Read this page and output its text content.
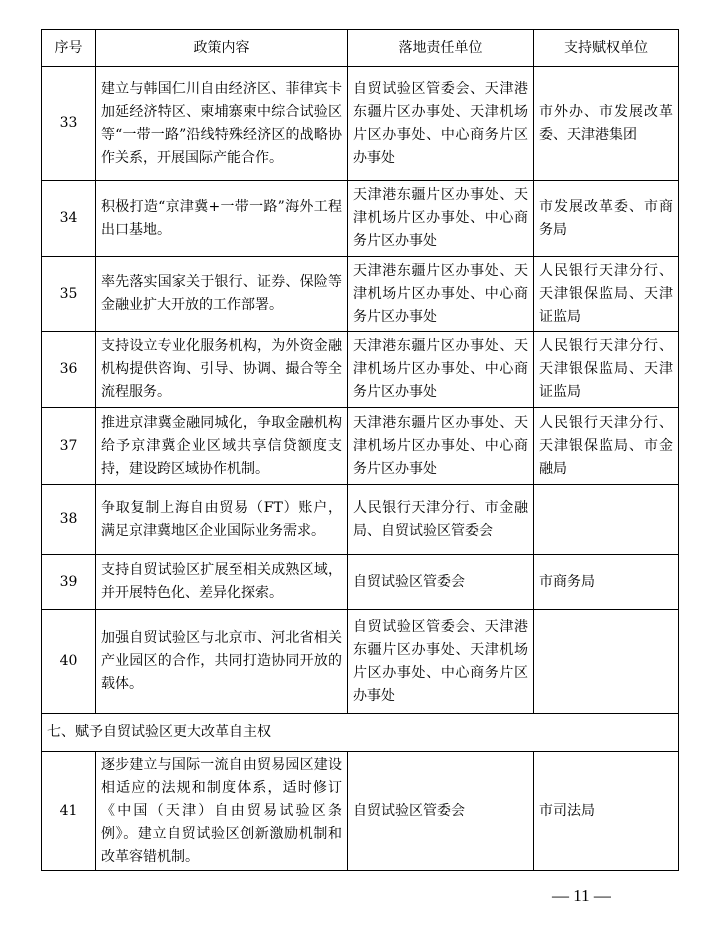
序号	政策内容	落地责任单位	支持赋权单位
33	建立与韩国仁川自由经济区、菲律宾卡加延经济特区、柬埔寨柬中综合试验区等“一带一路”沿线特殊经济区的战略协作关系，开展国际产能合作。	自贸试验区管委会、天津港东疆片区办事处、天津机场片区办事处、中心商务片区办事处	市外办、市发展改革委、天津港集团
34	积极打造“京津冀+一带一路”海外工程出口基地。	天津港东疆片区办事处、天津机场片区办事处、中心商务片区办事处	市发展改革委、市商务局
35	率先落实国家关于银行、证券、保险等金融业扩大开放的工作部署。	天津港东疆片区办事处、天津机场片区办事处、中心商务片区办事处	人民银行天津分行、天津银保监局、天津证监局
36	支持设立专业化服务机构，为外资金融机构提供咨询、引导、协调、撮合等全流程服务。	天津港东疆片区办事处、天津机场片区办事处、中心商务片区办事处	人民银行天津分行、天津银保监局、天津证监局
37	推进京津冀金融同城化，争取金融机构给予京津冀企业区域共享信贷额度支持，建设跨区域协作机制。	天津港东疆片区办事处、天津机场片区办事处、中心商务片区办事处	人民银行天津分行、天津银保监局、市金融局
38	争取复制上海自由贸易（FT）账户，满足京津冀地区企业国际业务需求。	人民银行天津分行、市金融局、自贸试验区管委会	
39	支持自贸试验区扩展至相关成熟区域，并开展特色化、差异化探索。	自贸试验区管委会	市商务局
40	加强自贸试验区与北京市、河北省相关产业园区的合作，共同打造协同开放的载体。	自贸试验区管委会、天津港东疆片区办事处、天津机场片区办事处、中心商务片区办事处	
七、赋予自贸试验区更大改革自主权			
41	逐步建立与国际一流自由贸易园区建设相适应的法规和制度体系，适时修订《中国（天津）自由贸易试验区条例》。建立自贸试验区创新激励机制和改革容错机制。	自贸试验区管委会	市司法局
— 11 —
